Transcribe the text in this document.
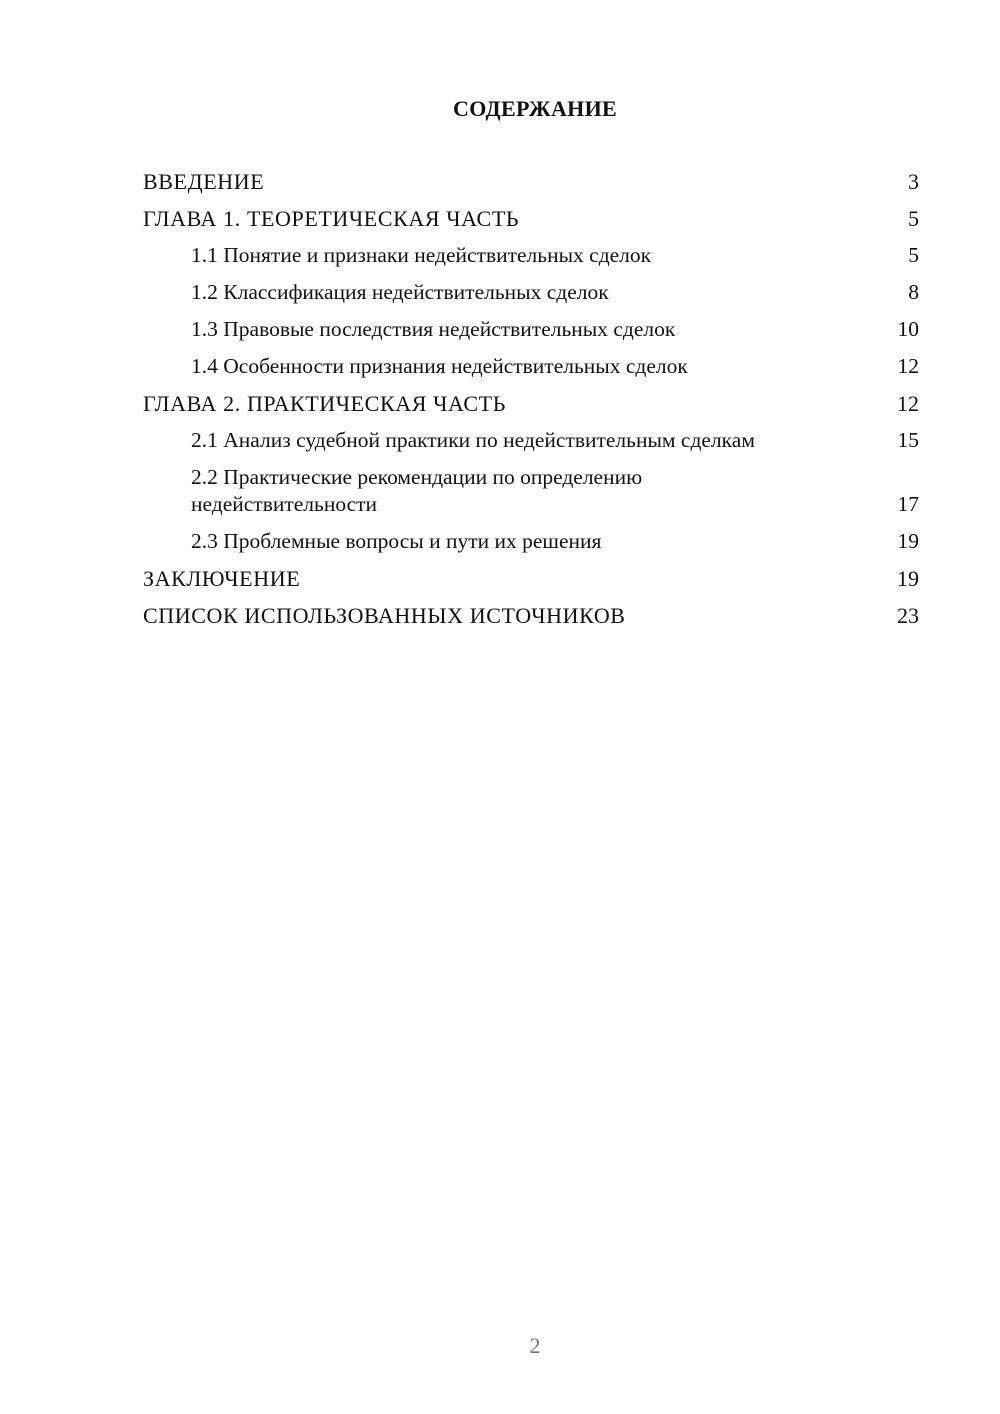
СОДЕРЖАНИЕ
ВВЕДЕНИЕ	3
ГЛАВА 1. ТЕОРЕТИЧЕСКАЯ ЧАСТЬ	5
1.1 Понятие и признаки недействительных сделок	5
1.2 Классификация недействительных сделок	8
1.3 Правовые последствия недействительных сделок	10
1.4 Особенности признания недействительных сделок	12
ГЛАВА 2. ПРАКТИЧЕСКАЯ ЧАСТЬ	12
2.1 Анализ судебной практики по недействительным сделкам	15
2.2 Практические рекомендации по определению недействительности	17
2.3 Проблемные вопросы и пути их решения	19
ЗАКЛЮЧЕНИЕ	19
СПИСОК ИСПОЛЬЗОВАННЫХ ИСТОЧНИКОВ	23
2
